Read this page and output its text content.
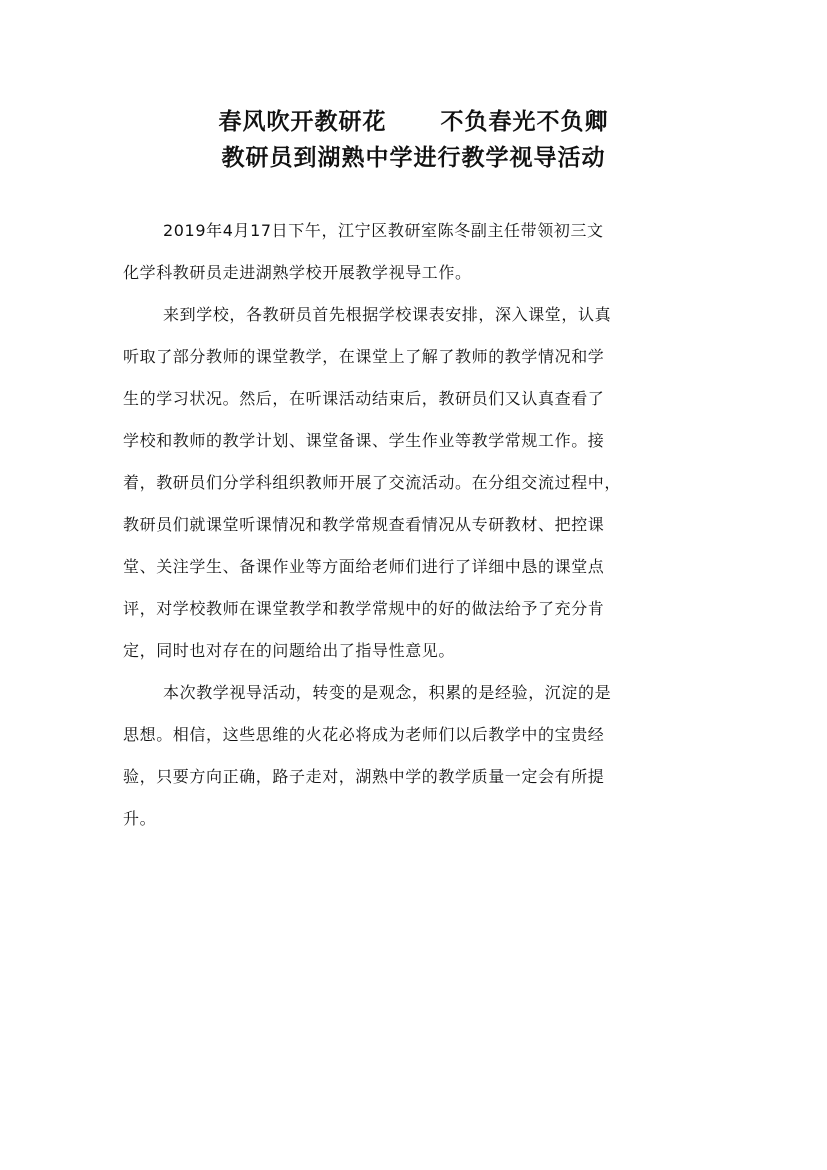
春风吹开教研花 不负春光不负卿
教研员到湖熟中学进行教学视导活动
2019年4月17日下午，江宁区教研室陈冬副主任带领初三文
化学科教研员走进湖熟学校开展教学视导工作。
来到学校，各教研员首先根据学校课表安排，深入课堂，认真
听取了部分教师的课堂教学，在课堂上了解了教师的教学情况和学
生的学习状况。然后，在听课活动结束后，教研员们又认真查看了
学校和教师的教学计划、课堂备课、学生作业等教学常规工作。接
着，教研员们分学科组织教师开展了交流活动。在分组交流过程中，
教研员们就课堂听课情况和教学常规查看情况从专研教材、把控课
堂、关注学生、备课作业等方面给老师们进行了详细中恳的课堂点
评，对学校教师在课堂教学和教学常规中的好的做法给予了充分肯
定，同时也对存在的问题给出了指导性意见。
本次教学视导活动，转变的是观念，积累的是经验，沉淀的是
思想。相信，这些思维的火花必将成为老师们以后教学中的宝贵经
验，只要方向正确，路子走对，湖熟中学的教学质量一定会有所提
升。
